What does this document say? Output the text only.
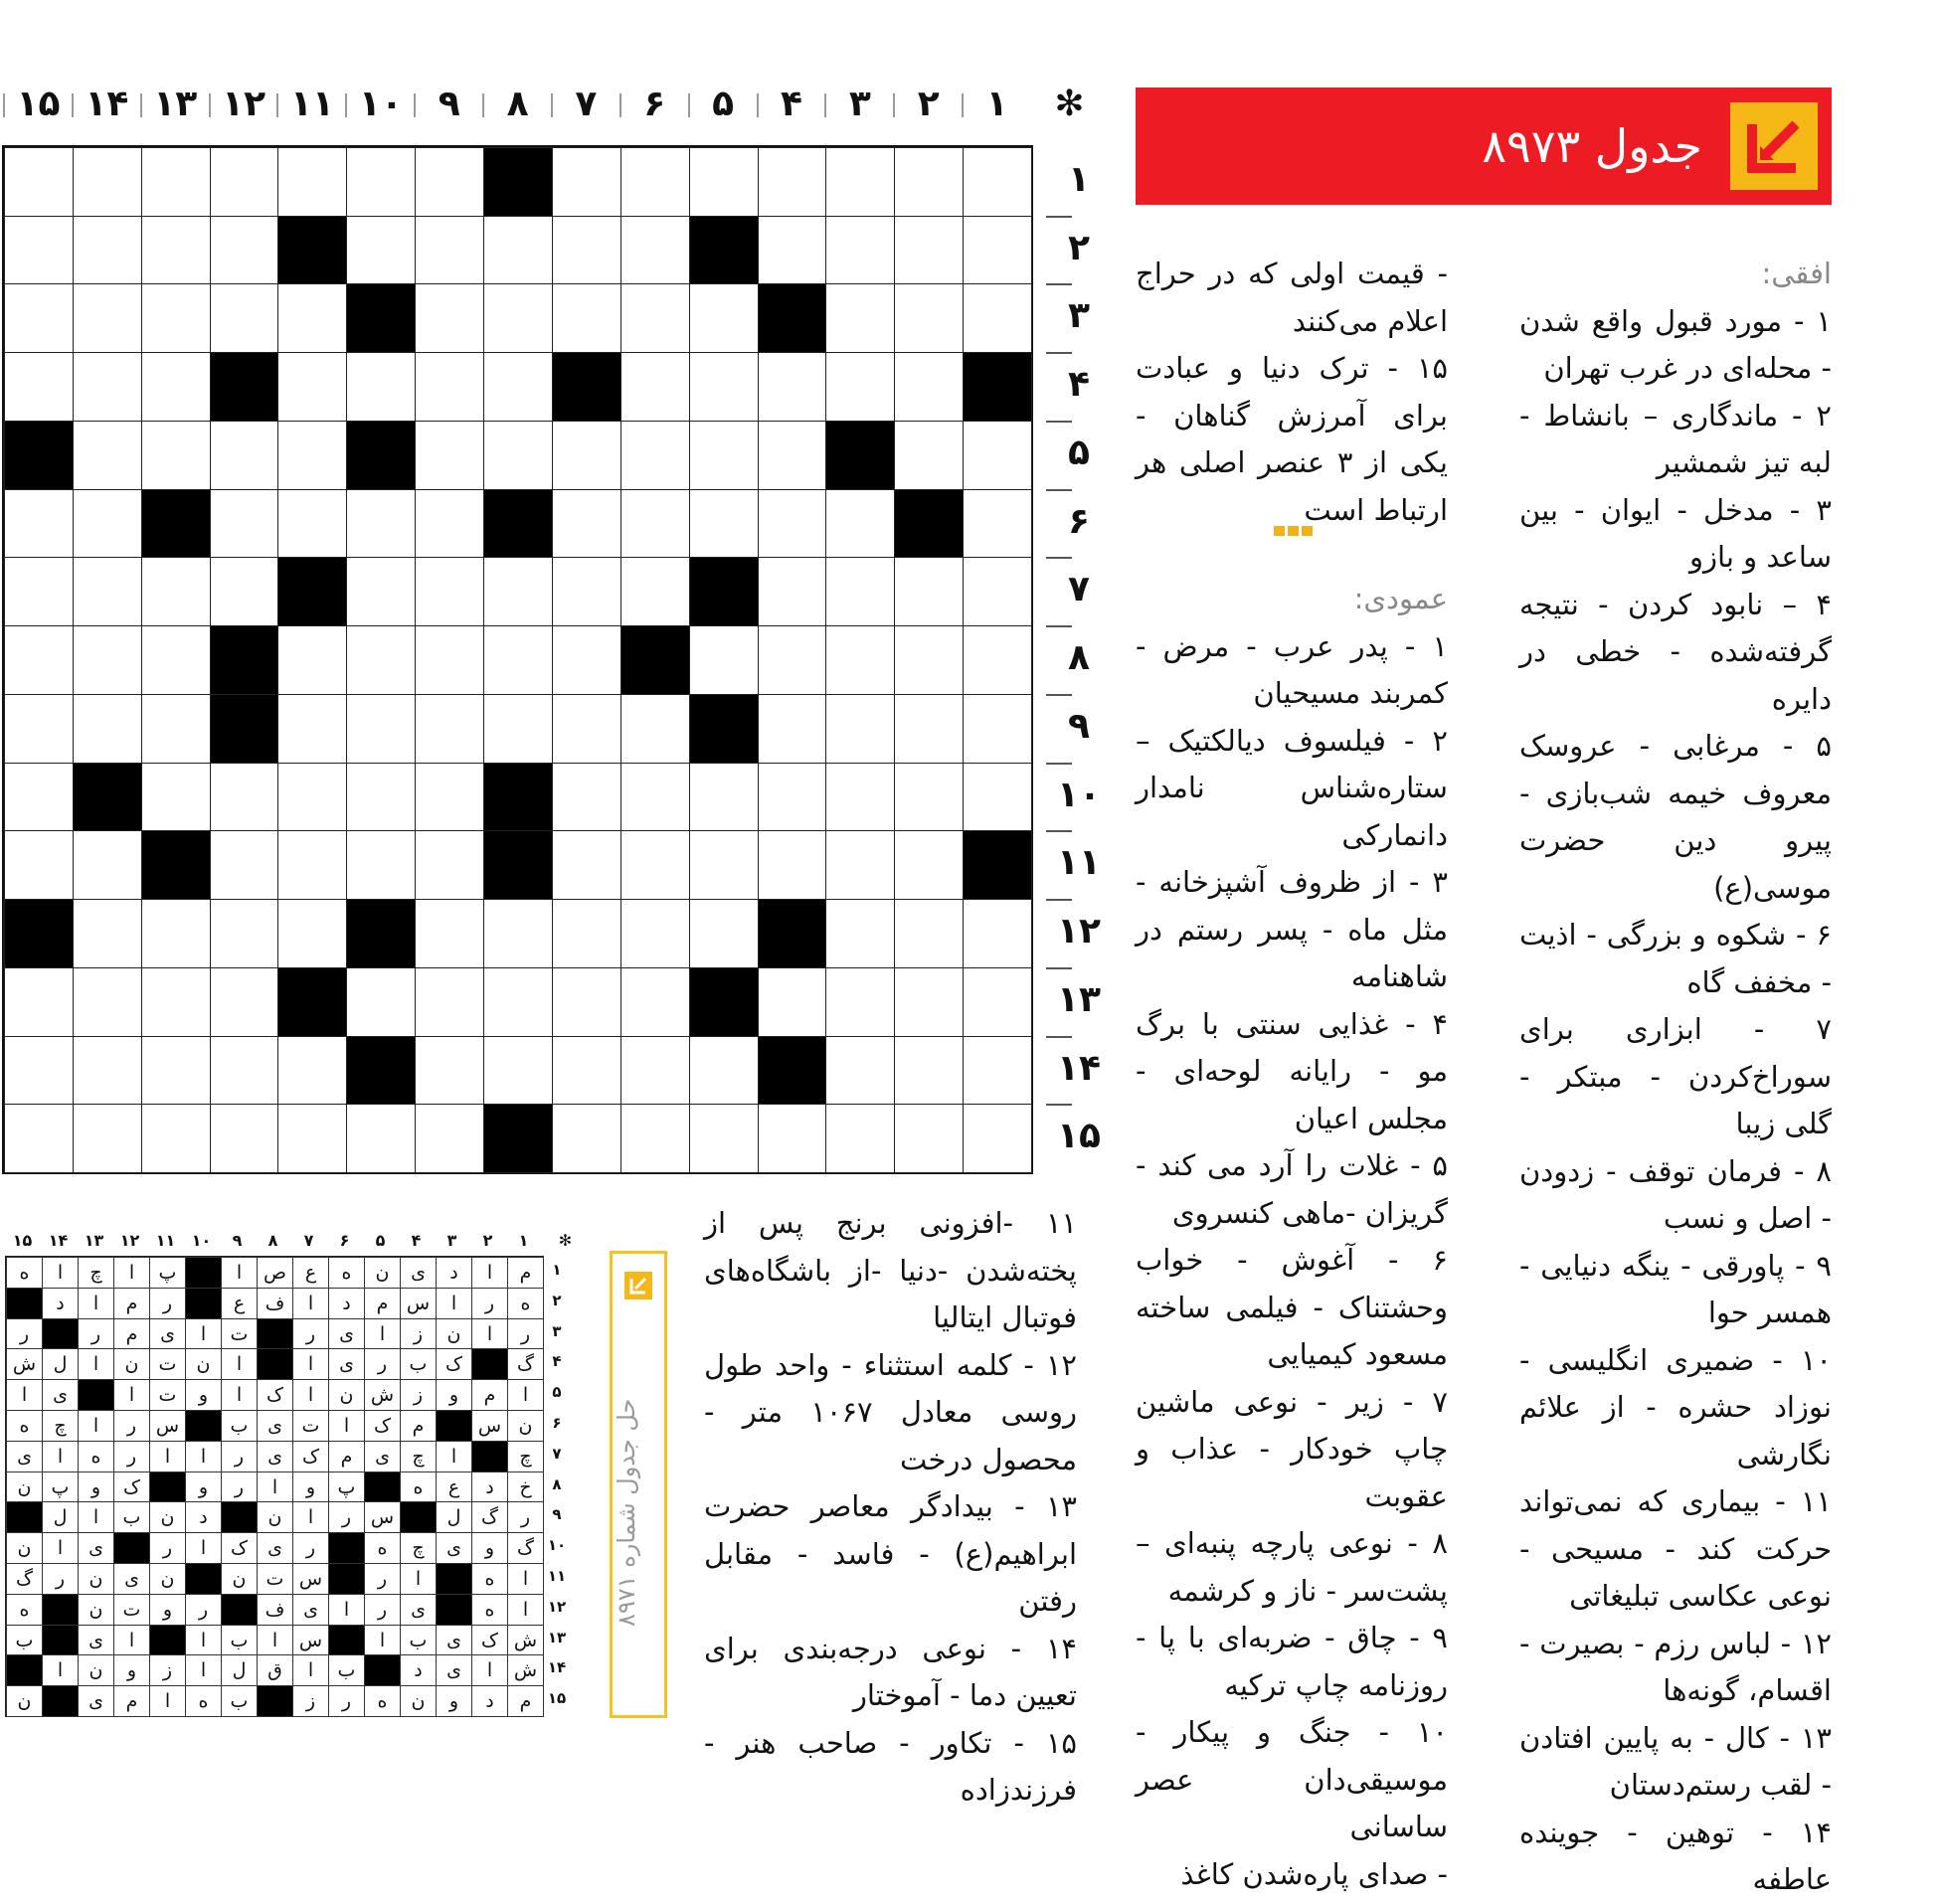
✻
۱
۲
۳
۴
۵
۶
۷
۸
۹
۱۰
۱۱
۱۲
۱۳
۱۴
۱۵
۱
۲
۳
۴
۵
۶
۷
۸
۹
۱۰
۱۱
۱۲
۱۳
۱۴
۱۵
جدول ۸۹۷۳

افقی:

۱ - مورد قبول واقع شدن - محله‌ای در غرب تهران

۲ - ماندگاری – بانشاط - لبه تیز شمشیر

۳ - مدخل - ایوان - بین ساعد و بازو

۴ – نابود کردن - نتیجه گرفته‌شده - خطی در دایره

۵ - مرغابی - عروسک معروف خیمه شب‌بازی - پیرو دین حضرت موسی(ع)

۶ - شکوه و بزرگی - اذیت - مخفف گاه

۷ - ابزاری برای سوراخ‌کردن - مبتکر - گلی زیبا

۸ - فرمان توقف - زدودن - اصل و نسب

۹ - پاورقی - ینگه دنیایی - همسر حوا

۱۰ - ضمیری انگلیسی - نوزاد حشره - از علائم نگارشی

۱۱ - بیماری که نمی‌تواند حرکت کند - مسیحی - نوعی عکاسی تبلیغاتی

۱۲ - لباس رزم - بصیرت - اقسام، گونه‌ها

۱۳ - کال - به پایین افتادن - لقب رستم‌دستان

۱۴ - توهین - جوینده عاطفه

- قیمت اولی که در حراج اعلام می‌کنند

۱۵ - ترک دنیا و عبادت برای آمرزش گناهان - یکی از ۳ عنصر اصلی هر ارتباط است

عمودی:

۱ - پدر عرب - مرض - کمربند مسیحیان

۲ - فیلسوف دیالکتیک – ستاره‌شناس نامدار دانمارکی

۳ - از ظروف آشپزخانه - مثل ماه - پسر رستم در شاهنامه

۴ - غذایی سنتی با برگ مو - رایانه لوحه‌ای - مجلس اعیان

۵ - غلات را آرد می کند - گریزان -ماهی کنسروی

۶ - آغوش - خواب وحشتناک - فیلمی ساخته مسعود کیمیایی

۷ - زیر - نوعی ماشین چاپ خودکار - عذاب و عقوبت

۸ - نوعی پارچه پنبه‌ای – پشت‌سر - ناز و کرشمه

۹ - چاق - ضربه‌ای با پا - روزنامه چاپ ترکیه

۱۰ - جنگ و پیکار - موسیقی‌دان عصر ساسانی

- صدای پاره‌شدن کاغذ

۱۱ -افزونی برنج پس از پخته‌شدن -دنیا -از باشگاه‌های فوتبال ایتالیا

۱۲ - کلمه استثناء - واحد طول روسی معادل ۱۰۶۷ متر - محصول درخت

۱۳ - بیدادگر معاصر حضرت ابراهیم(ع) - فاسد - مقابل رفتن

۱۴ - نوعی درجه‌بندی برای تعیین دما - آموختار

۱۵ - تکاور - صاحب هنر - فرزندزاده

✻
۱
۲
۳
۴
۵
۶
۷
۸
۹
۱۰
۱۱
۱۲
۱۳
۱۴
۱۵
م
ا
د
ی
ن
ه
ع
ص
ا
پ
ا
چ
ا
ه
ه
ر
ا
س
م
د
ا
ف
ع
ر
م
ا
د
ر
ا
ن
ز
ا
ی
ر
ت
ا
ی
م
ر
ر
گ
ک
ب
ر
ی
ا
ا
ن
ت
ن
ا
ل
ش
ا
م
و
ز
ش
ن
ا
ک
ا
و
ت
ا
ی
ا
ن
س
م
ک
ا
ت
ی
ب
س
ر
ا
چ
ه
چ
ا
چ
ی
م
ک
ی
ر
ا
ا
ر
ه
ا
ی
خ
د
ع
ه
پ
و
ا
ر
و
ک
و
پ
ن
ر
گ
ل
س
ر
ا
ن
د
ن
ب
ا
ل
گ
و
ی
چ
ه
ر
ی
ک
ا
ر
ی
ا
ن
ا
ه
ا
ر
س
ت
ن
ن
ی
ن
ر
گ
ا
ه
ی
ر
ا
ی
ف
ر
و
ت
ن
ه
ش
ک
ی
ب
ا
س
ا
ب
ا
ا
ی
ب
ش
ا
ی
د
ب
ا
ق
ل
ا
ز
و
ن
ا
م
د
و
ن
ه
ر
ز
ب
ه
ا
م
ی
ن
۱
۲
۳
۴
۵
۶
۷
۸
۹
۱۰
۱۱
۱۲
۱۳
۱۴
۱۵
حل جدول شماره ۸۹۷۱
